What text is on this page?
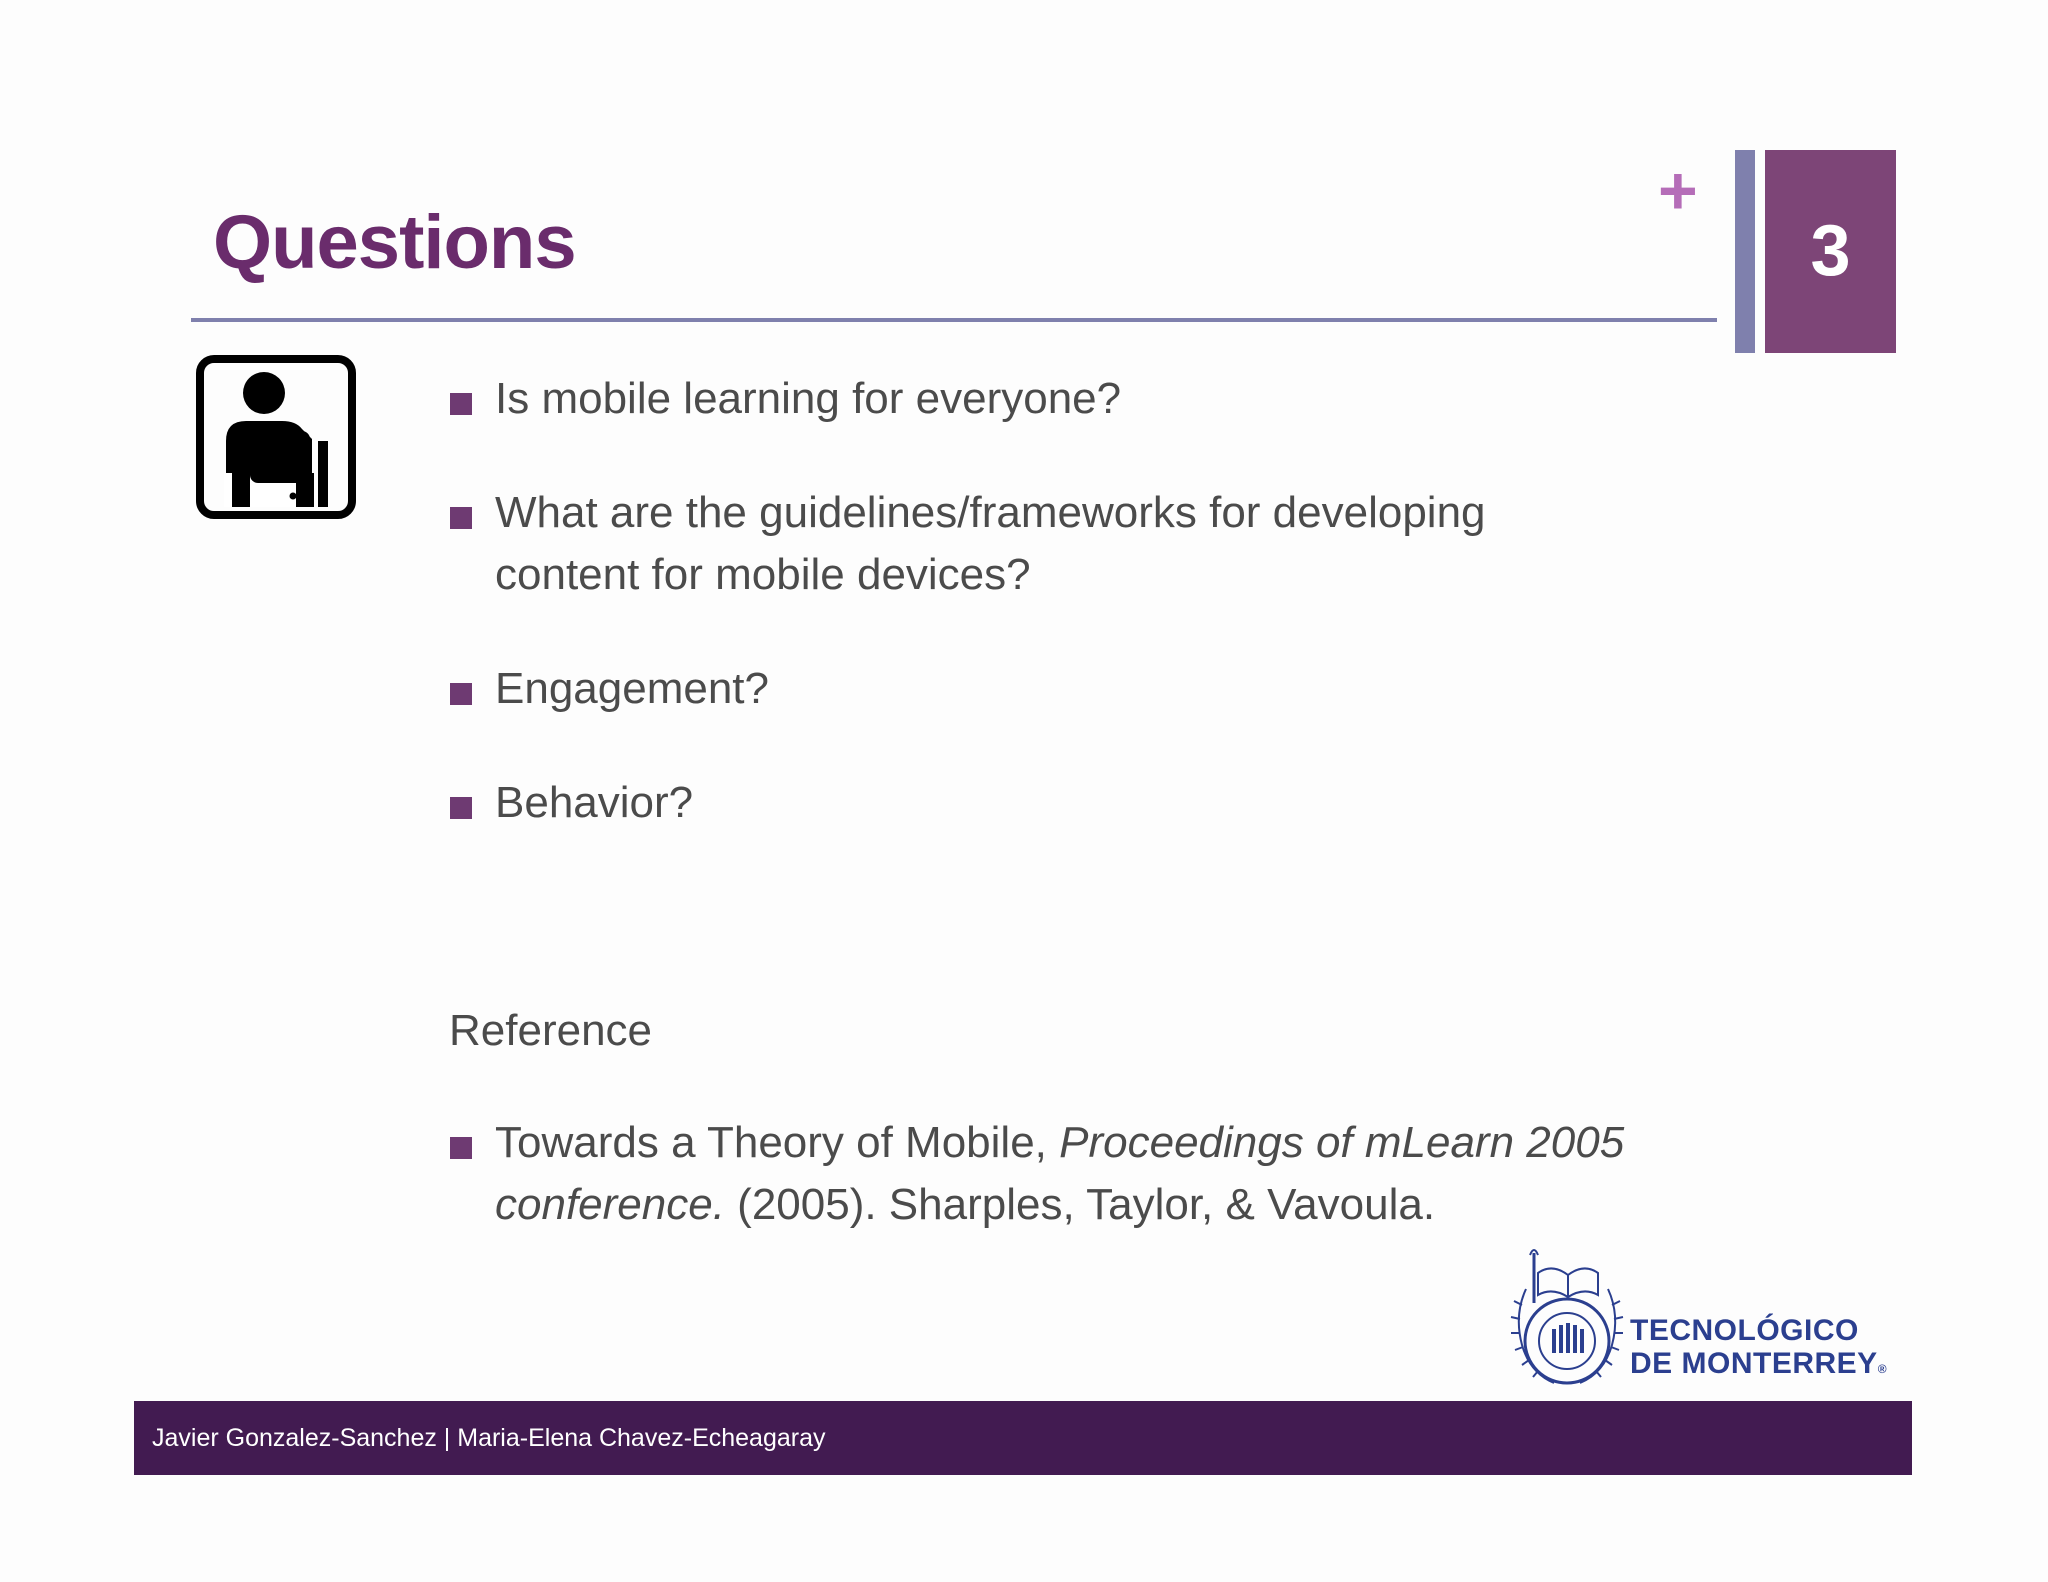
Questions
+
3
Is mobile learning for everyone?
What are the guidelines/frameworks for developing
content for mobile devices?
Engagement?
Behavior?
Reference
Towards a Theory of Mobile, Proceedings of mLearn 2005
conference. (2005). Sharples, Taylor, & Vavoula.
TECNOLÓGICO
DE MONTERREY®
Javier Gonzalez-Sanchez | Maria-Elena Chavez-Echeagaray
